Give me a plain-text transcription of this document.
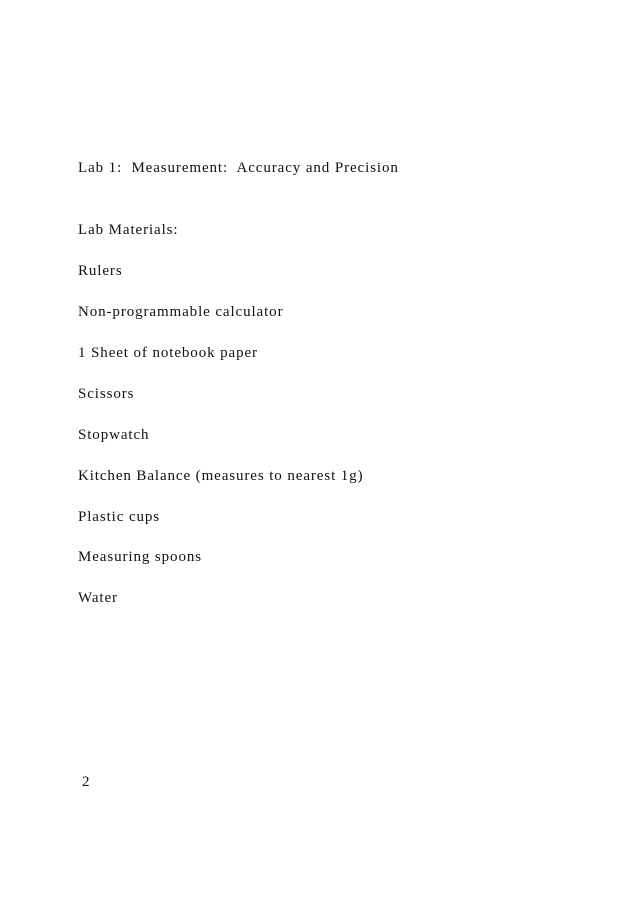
Lab 1:  Measurement:  Accuracy and Precision
Lab Materials:
Rulers
Non-programmable calculator
1 Sheet of notebook paper
Scissors
Stopwatch
Kitchen Balance (measures to nearest 1g)
Plastic cups
Measuring spoons
Water
2
